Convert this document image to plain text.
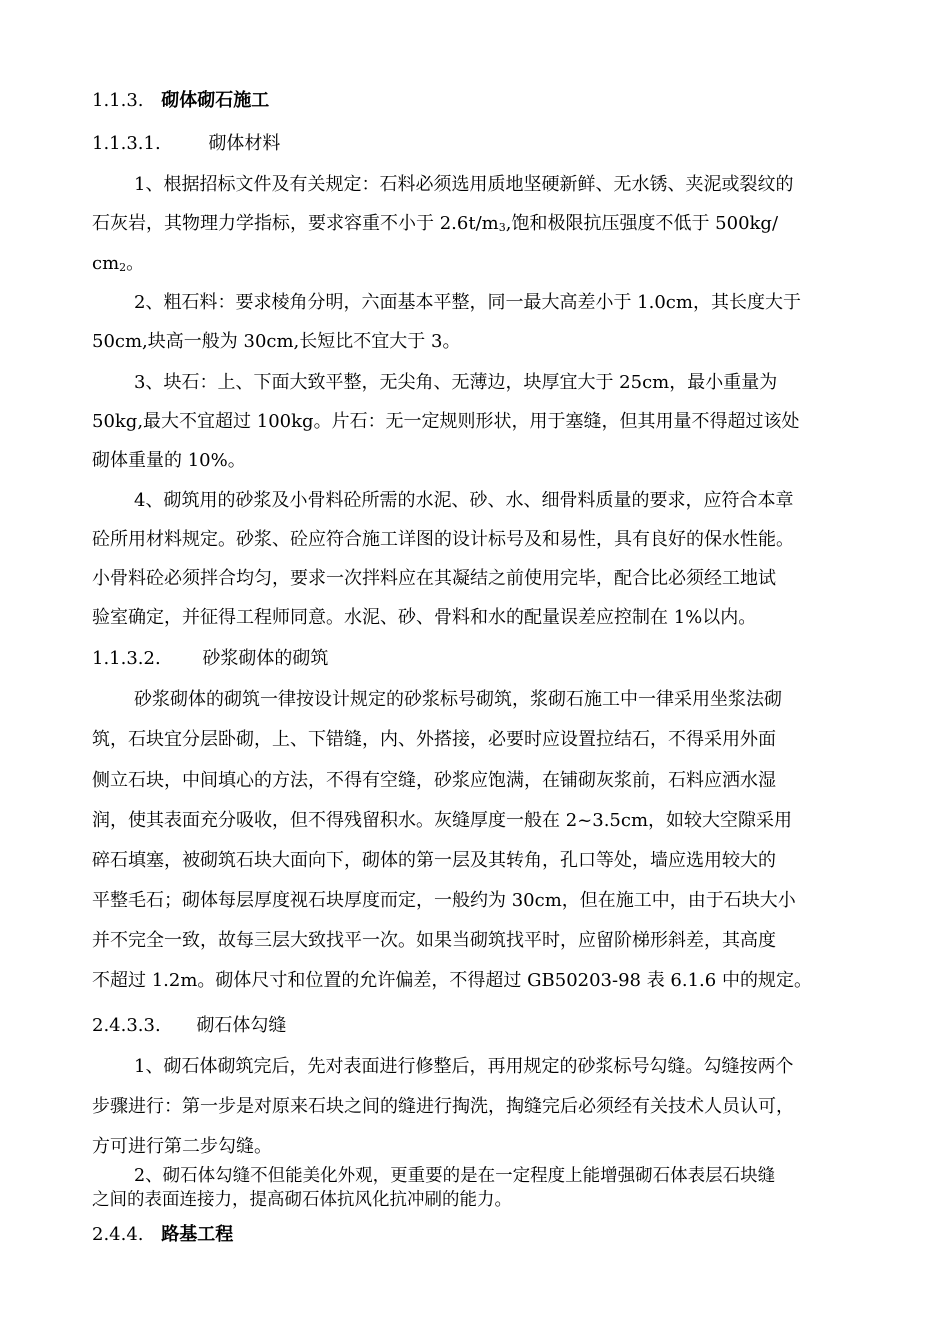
1.1.3. 砌体砌石施工
1.1.3.1.	砌体材料
1、根据招标文件及有关规定：石料必须选用质地坚硬新鲜、无水锈、夹泥或裂纹的
石灰岩，其物理力学指标，要求容重不小于 2.6t/m3,饱和极限抗压强度不低于 500kg/
cm2。
2、粗石料：要求棱角分明，六面基本平整，同一最大高差小于 1.0cm，其长度大于
50cm,块高一般为 30cm,长短比不宜大于 3。
3、块石：上、下面大致平整，无尖角、无薄边，块厚宜大于 25cm，最小重量为
50kg,最大不宜超过 100kg。片石：无一定规则形状，用于塞缝，但其用量不得超过该处
砌体重量的 10%。
4、砌筑用的砂浆及小骨料砼所需的水泥、砂、水、细骨料质量的要求，应符合本章
砼所用材料规定。砂浆、砼应符合施工详图的设计标号及和易性，具有良好的保水性能。
小骨料砼必须拌合均匀，要求一次拌料应在其凝结之前使用完毕，配合比必须经工地试
验室确定，并征得工程师同意。水泥、砂、骨料和水的配量误差应控制在 1%以内。
1.1.3.2. 砂浆砌体的砌筑
砂浆砌体的砌筑一律按设计规定的砂浆标号砌筑，浆砌石施工中一律采用坐浆法砌
筑，石块宜分层卧砌，上、下错缝，内、外搭接，必要时应设置拉结石，不得采用外面
侧立石块，中间填心的方法，不得有空缝，砂浆应饱满，在铺砌灰浆前，石料应洒水湿
润，使其表面充分吸收，但不得残留积水。灰缝厚度一般在 2~3.5cm，如较大空隙采用
碎石填塞，被砌筑石块大面向下，砌体的第一层及其转角，孔口等处，墙应选用较大的
平整毛石；砌体每层厚度视石块厚度而定，一般约为 30cm，但在施工中，由于石块大小
并不完全一致，故每三层大致找平一次。如果当砌筑找平时，应留阶梯形斜差，其高度
不超过 1.2m。砌体尺寸和位置的允许偏差，不得超过 GB50203-98 表 6.1.6 中的规定。
2.4.3.3. 砌石体勾缝
1、砌石体砌筑完后，先对表面进行修整后，再用规定的砂浆标号勾缝。勾缝按两个
步骤进行：第一步是对原来石块之间的缝进行掏洗，掏缝完后必须经有关技术人员认可，
方可进行第二步勾缝。
2、砌石体勾缝不但能美化外观，更重要的是在一定程度上能增强砌石体表层石块缝
之间的表面连接力，提高砌石体抗风化抗冲刷的能力。
2.4.4. 路基工程
